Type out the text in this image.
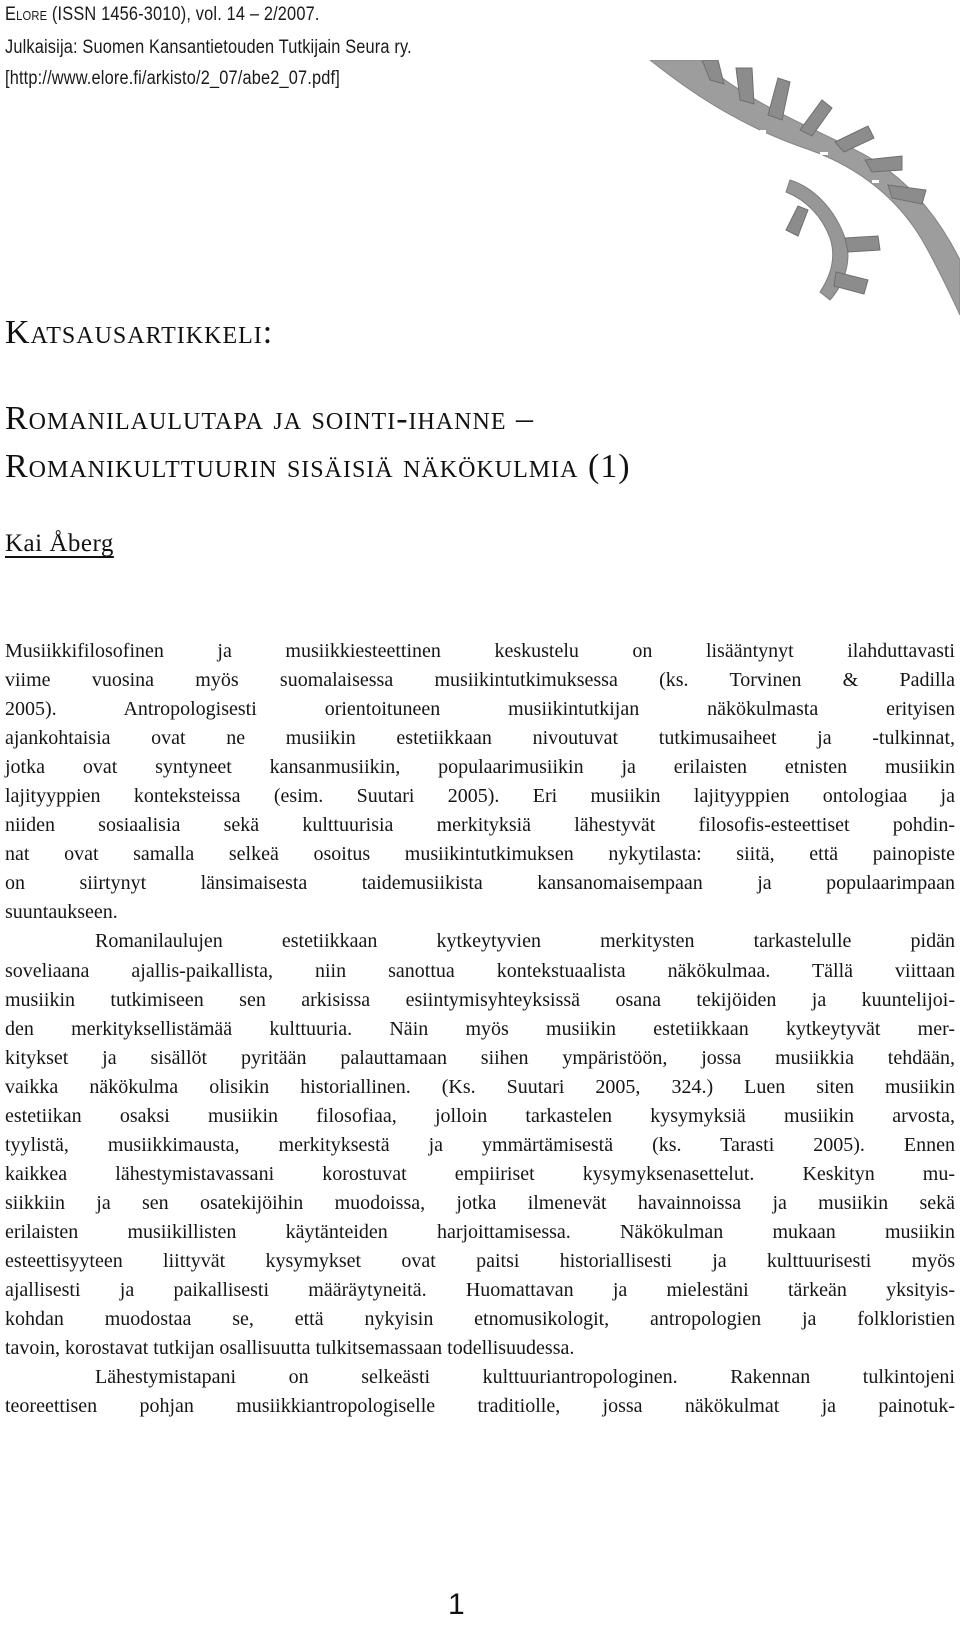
Elore (ISSN 1456-3010), vol. 14 – 2/2007.
Julkaisija: Suomen Kansantietouden Tutkijain Seura ry.
[http://www.elore.fi/arkisto/2_07/abe2_07.pdf]
Katsausartikkeli:
Romanilaulutapa ja sointi-ihanne –
Romanikulttuurin sisäisiä näkökulmia (1)
Kai Åberg
Musiikkifilosofinen ja musiikkiesteettinen keskustelu on lisääntynyt ilahduttavasti
viime vuosina myös suomalaisessa musiikintutkimuksessa (ks. Torvinen & Padilla
2005). Antropologisesti orientoituneen musiikintutkijan näkökulmasta erityisen
ajankohtaisia ovat ne musiikin estetiikkaan nivoutuvat tutkimusaiheet ja -tulkinnat,
jotka ovat syntyneet kansanmusiikin, populaarimusiikin ja erilaisten etnisten musiikin
lajityyppien konteksteissa (esim. Suutari 2005). Eri musiikin lajityyppien ontologiaa ja
niiden sosiaalisia sekä kulttuurisia merkityksiä lähestyvät filosofis-esteettiset pohdin-
nat ovat samalla selkeä osoitus musiikintutkimuksen nykytilasta: siitä, että painopiste
on siirtynyt länsimaisesta taidemusiikista kansanomaisempaan ja populaarimpaan
suuntaukseen.
Romanilaulujen estetiikkaan kytkeytyvien merkitysten tarkastelulle pidän
soveliaana ajallis-paikallista, niin sanottua kontekstuaalista näkökulmaa. Tällä viittaan
musiikin tutkimiseen sen arkisissa esiintymisyhteyksissä osana tekijöiden ja kuuntelijoi-
den merkityksellistämää kulttuuria. Näin myös musiikin estetiikkaan kytkeytyvät mer-
kitykset ja sisällöt pyritään palauttamaan siihen ympäristöön, jossa musiikkia tehdään,
vaikka näkökulma olisikin historiallinen. (Ks. Suutari 2005, 324.) Luen siten musiikin
estetiikan osaksi musiikin filosofiaa, jolloin tarkastelen kysymyksiä musiikin arvosta,
tyylistä, musiikkimausta, merkityksestä ja ymmärtämisestä (ks. Tarasti 2005). Ennen
kaikkea lähestymistavassani korostuvat empiiriset kysymyksenasettelut. Keskityn mu-
siikkiin ja sen osatekijöihin muodoissa, jotka ilmenevät havainnoissa ja musiikin sekä
erilaisten musiikillisten käytänteiden harjoittamisessa. Näkökulman mukaan musiikin
esteettisyyteen liittyvät kysymykset ovat paitsi historiallisesti ja kulttuurisesti myös
ajallisesti ja paikallisesti määräytyneitä. Huomattavan ja mielestäni tärkeän yksityis-
kohdan muodostaa se, että nykyisin etnomusikologit, antropologien ja folkloristien
tavoin, korostavat tutkijan osallisuutta tulkitsemassaan todellisuudessa.
Lähestymistapani on selkeästi kulttuuriantropologinen. Rakennan tulkintojeni
teoreettisen pohjan musiikkiantropologiselle traditiolle, jossa näkökulmat ja painotuk-
1
